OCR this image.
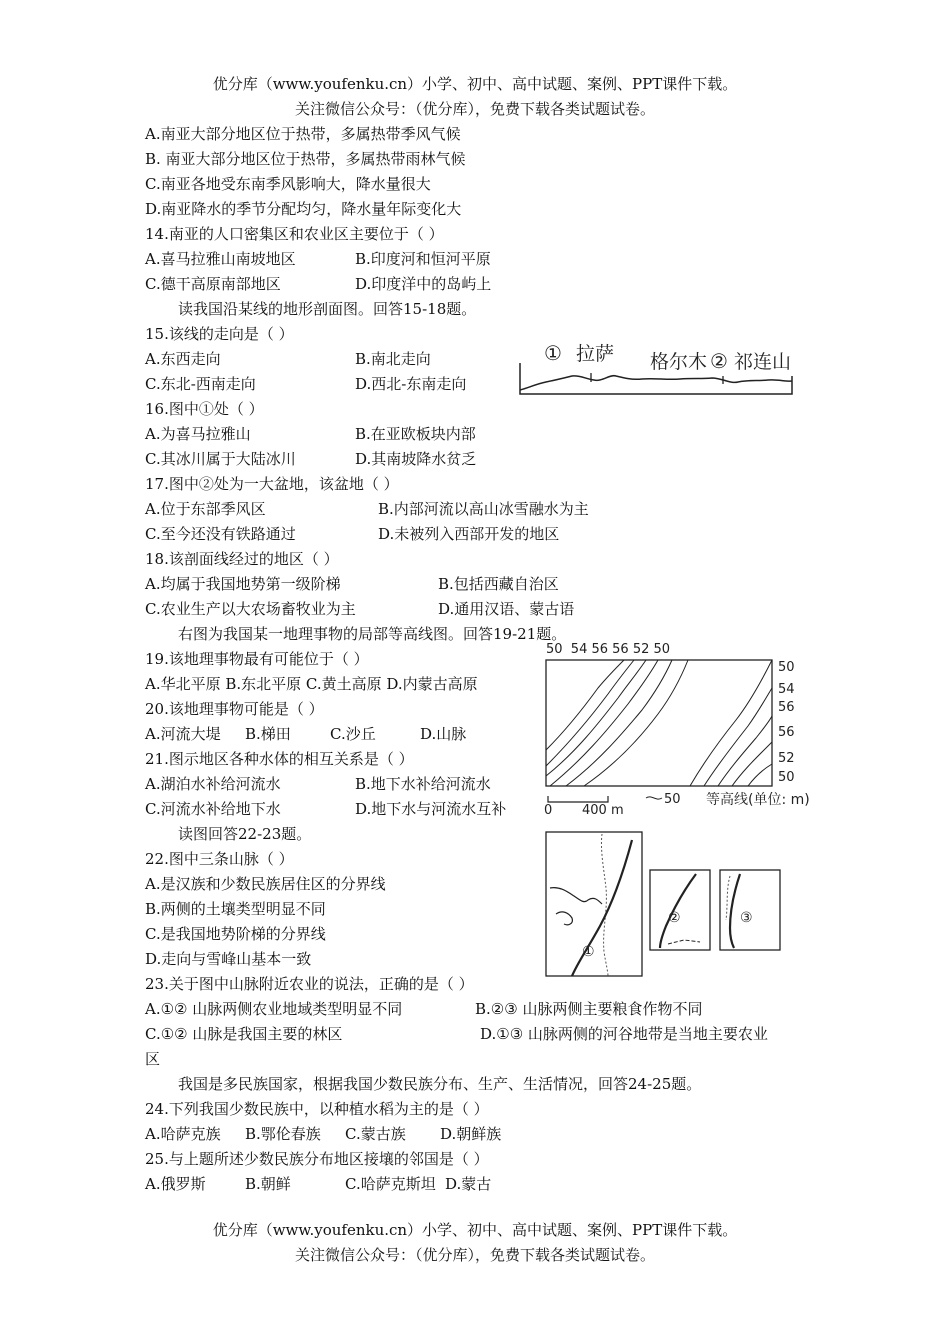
优分库（www.youfenku.cn）小学、初中、高中试题、案例、PPT课件下载。
关注微信公众号：（优分库），免费下载各类试题试卷。
A.南亚大部分地区位于热带，多属热带季风气候
B. 南亚大部分地区位于热带，多属热带雨林气候
C.南亚各地受东南季风影响大，降水量很大
D.南亚降水的季节分配均匀，降水量年际变化大
14.南亚的人口密集区和农业区主要位于（ ）
A.喜马拉雅山南坡地区	B.印度河和恒河平原
C.德干高原南部地区	D.印度洋中的岛屿上
读我国沿某线的地形剖面图。回答15-18题。
15.该线的走向是（ ）
A.东西走向	B.南北走向
C.东北-西南走向	D.西北-东南走向
① 拉萨 格尔木 ② 祁连山
16.图中①处（ ）
A.为喜马拉雅山	B.在亚欧板块内部
C.其冰川属于大陆冰川	D.其南坡降水贫乏
17.图中②处为一大盆地，该盆地（ ）
A.位于东部季风区	B.内部河流以高山冰雪融水为主
C.至今还没有铁路通过	D.未被列入西部开发的地区
18.该剖面线经过的地区（ ）
A.均属于我国地势第一级阶梯	B.包括西藏自治区
C.农业生产以大农场畜牧业为主	D.通用汉语、蒙古语
右图为我国某一地理事物的局部等高线图。回答19-21题。
19.该地理事物最有可能位于（ ）
A.华北平原 B.东北平原 C.黄土高原 D.内蒙古高原
50  54 56 56 52 50
50
54
56
56
52
50
0 400 m
50 等高线(单位: m)
20.该地理事物可能是（ ）
A.河流大堤 B.梯田	C.沙丘	D.山脉
21.图示地区各种水体的相互关系是（ ）
A.湖泊水补给河流水	B.地下水补给河流水
C.河流水补给地下水	D.地下水与河流水互补
读图回答22-23题。
①
②	③
22.图中三条山脉（ ）
A.是汉族和少数民族居住区的分界线
B.两侧的土壤类型明显不同
C.是我国地势阶梯的分界线
D.走向与雪峰山基本一致
23.关于图中山脉附近农业的说法，正确的是（ ）
A.①② 山脉两侧农业地域类型明显不同	B.②③ 山脉两侧主要粮食作物不同
C.①② 山脉是我国主要的林区	D.①③ 山脉两侧的河谷地带是当地主要农业
区
我国是多民族国家，根据我国少数民族分布、生产、生活情况，回答24-25题。
24.下列我国少数民族中，以种植水稻为主的是（ ）
A.哈萨克族 B.鄂伦春族 C.蒙古族 D.朝鲜族
25.与上题所述少数民族分布地区接壤的邻国是（ ）
A.俄罗斯	B.朝鲜	C.哈萨克斯坦 D.蒙古
优分库（www.youfenku.cn）小学、初中、高中试题、案例、PPT课件下载。
关注微信公众号：（优分库），免费下载各类试题试卷。
